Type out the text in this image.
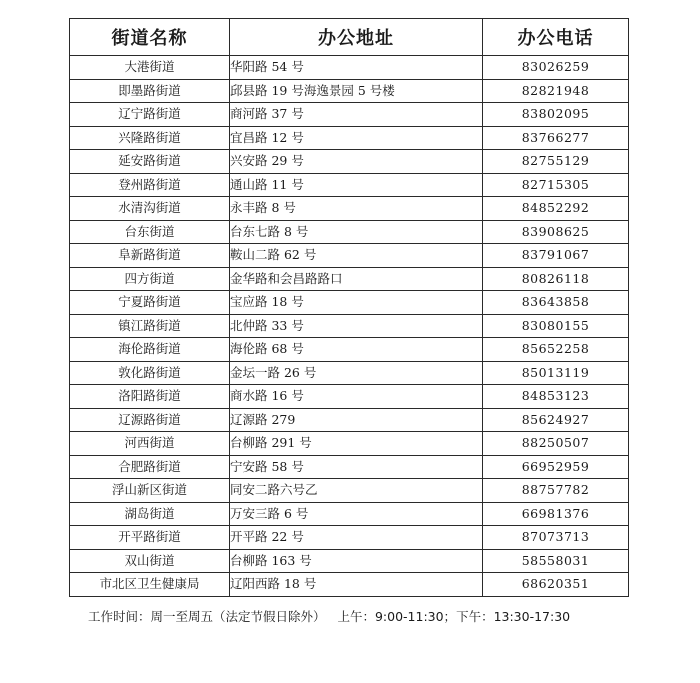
街道名称	办公地址	办公电话
大港街道	华阳路 54 号	83026259
即墨路街道	邱县路 19 号海逸景园 5 号楼	82821948
辽宁路街道	商河路 37 号	83802095
兴隆路街道	宜昌路 12 号	83766277
延安路街道	兴安路 29 号	82755129
登州路街道	通山路 11 号	82715305
水清沟街道	永丰路 8 号	84852292
台东街道	台东七路 8 号	83908625
阜新路街道	鞍山二路 62 号	83791067
四方街道	金华路和会昌路路口	80826118
宁夏路街道	宝应路 18 号	83643858
镇江路街道	北仲路 33 号	83080155
海伦路街道	海伦路 68 号	85652258
敦化路街道	金坛一路 26 号	85013119
洛阳路街道	商水路 16 号	84853123
辽源路街道	辽源路 279	85624927
河西街道	台柳路 291 号	88250507
合肥路街道	宁安路 58 号	66952959
浮山新区街道	同安二路六号乙	88757782
湖岛街道	万安三路 6 号	66981376
开平路街道	开平路 22 号	87073713
双山街道	台柳路 163 号	58558031
市北区卫生健康局	辽阳西路 18 号	68620351
工作时间：周一至周五（法定节假日除外） 上午：9:00-11:30；下午：13:30-17:30
